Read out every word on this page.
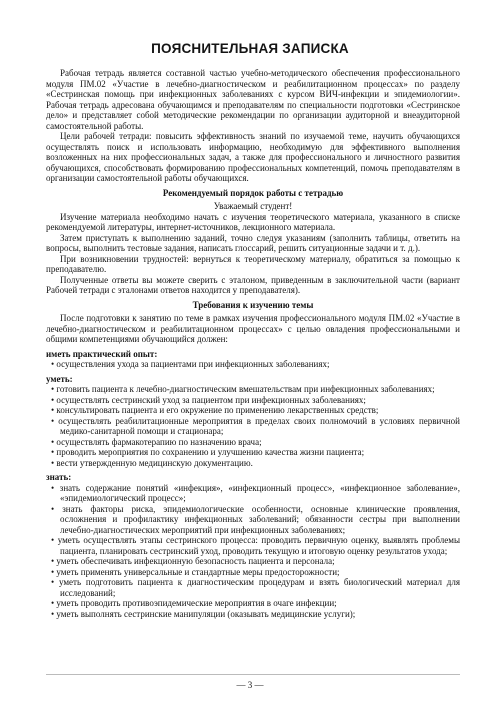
ПОЯСНИТЕЛЬНАЯ ЗАПИСКА

Рабочая тетрадь является составной частью учебно-методического обеспечения профессионального модуля ПМ.02 «Участие в лечебно-диагностическом и реабилитационном процессах» по разделу «Сестринская помощь при инфекционных заболеваниях с курсом ВИЧ-инфекции и эпидемиологии». Рабочая тетрадь адресована обучающимся и преподавателям по специальности подготовки «Сестринское дело» и представляет собой методические рекомендации по организации аудиторной и внеаудиторной самостоятельной работы.

Цели рабочей тетради: повысить эффективность знаний по изучаемой теме, научить обучающихся осуществлять поиск и использовать информацию, необходимую для эффективного выполнения возложенных на них профессиональных задач, а также для профессионального и личностного развития обучающихся, способствовать формированию профессиональных компетенций, помочь преподавателям в организации самостоятельной работы обучающихся.

Рекомендуемый порядок работы с тетрадью

Уважаемый студент!

Изучение материала необходимо начать с изучения теоретического материала, указанного в списке рекомендуемой литературы, интернет-источников, лекционного материала.

Затем приступать к выполнению заданий, точно следуя указаниям (заполнить таблицы, ответить на вопросы, выполнить тестовые задания, написать глоссарий, решить ситуационные задачи и т. д.).

При возникновении трудностей: вернуться к теоретическому материалу, обратиться за помощью к преподавателю.

Полученные ответы вы можете сверить с эталоном, приведенным в заключительной части (вариант Рабочей тетради с эталонами ответов находится у преподавателя).

Требования к изучению темы

После подготовки к занятию по теме в рамках изучения профессионального модуля ПМ.02 «Участие в лечебно-диагностическом и реабилитационном процессах» с целью овладения профессиональными и общими компетенциями обучающийся должен:

иметь практический опыт:

• осуществления ухода за пациентами при инфекционных заболеваниях;

уметь:

• готовить пациента к лечебно-диагностическим вмешательствам при инфекционных заболеваниях;

• осуществлять сестринский уход за пациентом при инфекционных заболеваниях;

• консультировать пациента и его окружение по применению лекарственных средств;

• осуществлять реабилитационные мероприятия в пределах своих полномочий в условиях первичной медико-санитарной помощи и стационара;

• осуществлять фармакотерапию по назначению врача;

• проводить мероприятия по сохранению и улучшению качества жизни пациента;

• вести утвержденную медицинскую документацию.

знать:

• знать содержание понятий «инфекция», «инфекционный процесс», «инфекционное заболевание», «эпидемиологический процесс»;

• знать факторы риска, эпидемиологические особенности, основные клинические проявления, осложнения и профилактику инфекционных заболеваний; обязанности сестры при выполнении лечебно-диагностических мероприятий при инфекционных заболеваниях;

• уметь осуществлять этапы сестринского процесса: проводить первичную оценку, выявлять проблемы пациента, планировать сестринский уход, проводить текущую и итоговую оценку результатов ухода;

• уметь обеспечивать инфекционную безопасность пациента и персонала;

• уметь применять универсальные и стандартные меры предосторожности;

• уметь подготовить пациента к диагностическим процедурам и взять биологический материал для исследований;

• уметь проводить противоэпидемические мероприятия в очаге инфекции;

• уметь выполнять сестринские манипуляции (оказывать медицинские услуги);

— 3 —
